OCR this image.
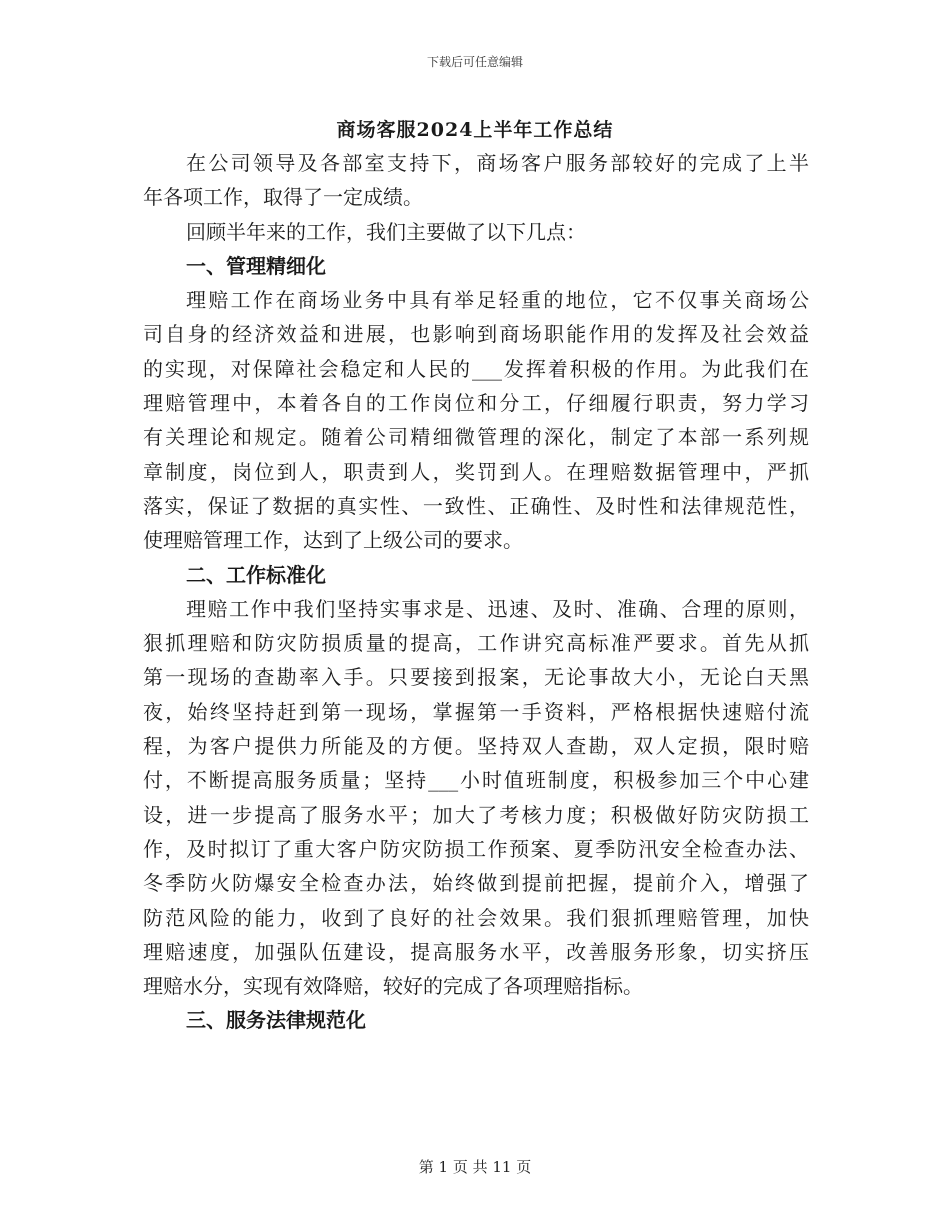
下载后可任意编辑
商场客服2024上半年工作总结
在公司领导及各部室支持下，商场客户服务部较好的完成了上半
年各项工作，取得了一定成绩。
回顾半年来的工作，我们主要做了以下几点：
一、管理精细化
理赔工作在商场业务中具有举足轻重的地位，它不仅事关商场公
司自身的经济效益和进展，也影响到商场职能作用的发挥及社会效益
的实现，对保障社会稳定和人民的___发挥着积极的作用。为此我们在
理赔管理中，本着各自的工作岗位和分工，仔细履行职责，努力学习
有关理论和规定。随着公司精细微管理的深化，制定了本部一系列规
章制度，岗位到人，职责到人，奖罚到人。在理赔数据管理中，严抓
落实，保证了数据的真实性、一致性、正确性、及时性和法律规范性，
使理赔管理工作，达到了上级公司的要求。
二、工作标准化
理赔工作中我们坚持实事求是、迅速、及时、准确、合理的原则，
狠抓理赔和防灾防损质量的提高，工作讲究高标准严要求。首先从抓
第一现场的查勘率入手。只要接到报案，无论事故大小，无论白天黑
夜，始终坚持赶到第一现场，掌握第一手资料，严格根据快速赔付流
程，为客户提供力所能及的方便。坚持双人查勘，双人定损，限时赔
付，不断提高服务质量；坚持___小时值班制度，积极参加三个中心建
设，进一步提高了服务水平；加大了考核力度；积极做好防灾防损工
作，及时拟订了重大客户防灾防损工作预案、夏季防汛安全检查办法、
冬季防火防爆安全检查办法，始终做到提前把握，提前介入，增强了
防范风险的能力，收到了良好的社会效果。我们狠抓理赔管理，加快
理赔速度，加强队伍建设，提高服务水平，改善服务形象，切实挤压
理赔水分，实现有效降赔，较好的完成了各项理赔指标。
三、服务法律规范化
第 1 页 共 11 页
